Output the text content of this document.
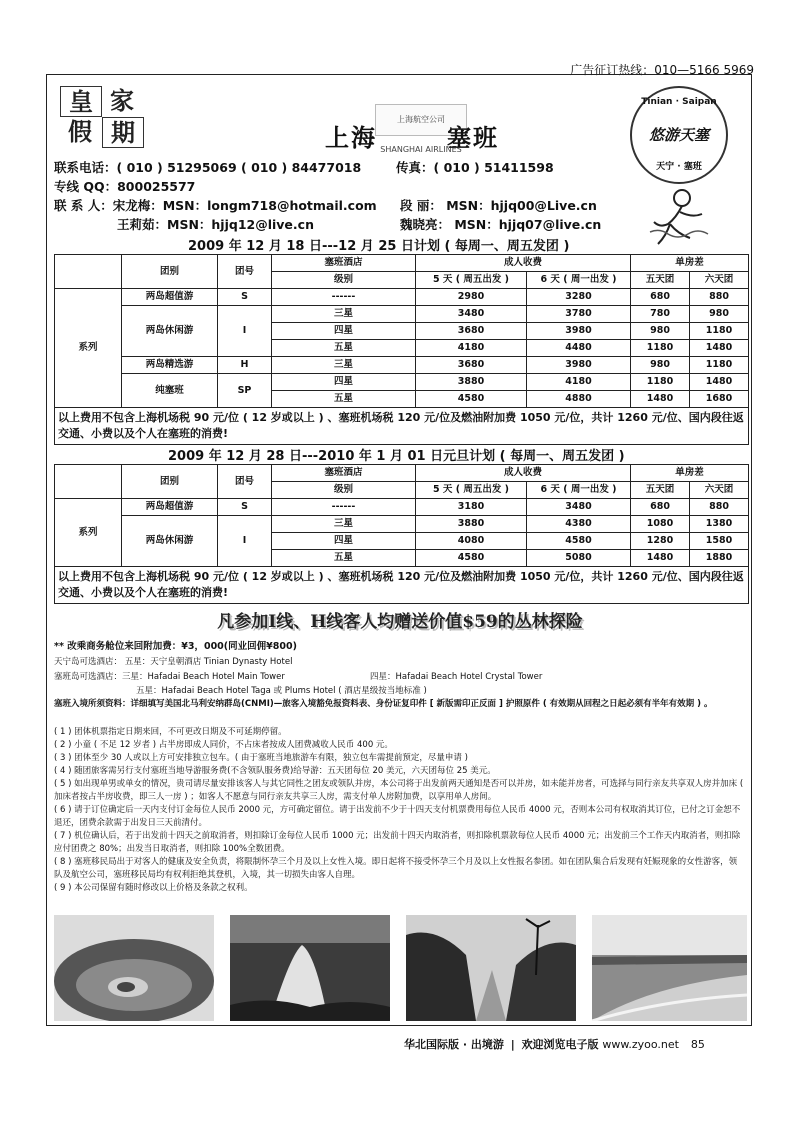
广告征订热线：010—5166 5969
皇 家
假 期	上海航空公司 SHANGHAI AIRLINES
上海	塞班
Tinian · Saipan
悠游天塞
天宁 · 塞班
联系电话：( 010 ) 51295069 ( 010 ) 84477018	传真：( 010 ) 51411598
专线 QQ：800025577
联 系 人：宋龙梅：MSN：longm718@hotmail.com 段 丽： MSN：hjjq00@Live.cn
王莉茹：MSN：hjjq12@live.cn	魏晓亮： MSN：hjjq07@live.cn
2009 年 12 月 18 日---12 月 25 日计划 ( 每周一、周五发团 )
	团别	团号	塞班酒店	成人收费		单房差	
			级别	5 天 ( 周五出发 )	6 天 ( 周一出发 )	五天团	六天团
系列	两岛超值游	S	------	2980	3280	680	880
	两岛休闲游	I	三星	3480	3780	780	980
			四星	3680	3980	980	1180
			五星	4180	4480	1180	1480
	两岛精选游	H	三星	3680	3980	980	1180
	纯塞班	SP	四星	3880	4180	1180	1480
			五星	4580	4880	1480	1680
以上费用不包含上海机场税 90 元/位 ( 12 岁或以上 ) 、塞班机场税 120 元/位及燃油附加费 1050 元/位，共计 1260 元/位、国内段往返交通、小费以及个人在塞班的消费!							
2009 年 12 月 28 日---2010 年 1 月 01 日元旦计划 ( 每周一、周五发团 )
	团别	团号	塞班酒店	成人收费		单房差	
			级别	5 天 ( 周五出发 )	6 天 ( 周一出发 )	五天团	六天团
系列	两岛超值游	S	------	3180	3480	680	880
	两岛休闲游	I	三星	3880	4380	1080	1380
			四星	4080	4580	1280	1580
			五星	4580	5080	1480	1880
以上费用不包含上海机场税 90 元/位 ( 12 岁或以上 ) 、塞班机场税 120 元/位及燃油附加费 1050 元/位，共计 1260 元/位、国内段往返交通、小费以及个人在塞班的消费!							
凡参加I线、H线客人均赠送价值$59的丛林探险
** 改乘商务舱位来回附加费：¥3，000(同业回佣¥800)
天宁岛可选酒店： 五星：天宁皇朝酒店 Tinian Dynasty Hotel
塞班岛可选酒店：三星：Hafadai Beach Hotel Main Tower	四星：Hafadai Beach Hotel Crystal Tower
五星：Hafadai Beach Hotel Taga 或 Plums Hotel ( 酒店星级按当地标准 )
塞班入境所须资料：详细填写美国北马利安纳群岛(CNMI)—旅客入境豁免报资料表、身份证复印件 [ 新版需印正反面 ] 护照原件 ( 有效期从回程之日起必须有半年有效期 ) 。
( 1 ) 团体机票指定日期来回，不可更改日期及不可延期停留。
( 2 ) 小童 ( 不足 12 岁者 ) 占半房即成人同价，不占床者按成人团费减收人民币 400 元。
( 3 ) 团体至少 30 人或以上方可安排独立包车。( 由于塞班当地旅游车有限，独立包车需提前预定，尽量申请 )
( 4 ) 随团旅客需另行支付塞班当地导游服务费(不含领队服务费)给导游：五天团每位 20 美元，六天团每位 25 美元。
( 5 ) 如出现单男或单女的情况，贵司请尽量安排该客人与其它同性之团友或领队并房，本公司将于出发前两天通知是否可以并房，如未能并房者，可选择与同行亲友共享双人房并加床 ( 加床者按占半房收费，即三人一房 ) ；如客人不愿意与同行亲友共享三人房，需支付单人房附加费，以享用单人房间。
( 6 ) 请于订位确定后一天内支付订金每位人民币 2000 元，方可确定留位。请于出发前不少于十四天支付机票费用每位人民币 4000 元，否则本公司有权取消其订位，已付之订金恕不退还，团费余款需于出发日三天前清付。
( 7 ) 机位确认后，若于出发前十四天之前取消者，则扣除订金每位人民币 1000 元；出发前十四天内取消者，则扣除机票款每位人民币 4000 元；出发前三个工作天内取消者，则扣除应付团费之 80%；出发当日取消者，则扣除 100%全数团费。
( 8 ) 塞班移民局出于对客人的健康及安全负责，将限制怀孕三个月及以上女性入境。即日起将不接受怀孕三个月及以上女性报名参团。如在团队集合后发现有妊娠现象的女性游客，领队及航空公司，塞班移民局均有权利拒绝其登机，入境，其一切损失由客人自理。
( 9 ) 本公司保留有随时修改以上价格及条款之权利。
华北国际版 · 出境游 | 欢迎浏览电子版 www.zyoo.net 85
